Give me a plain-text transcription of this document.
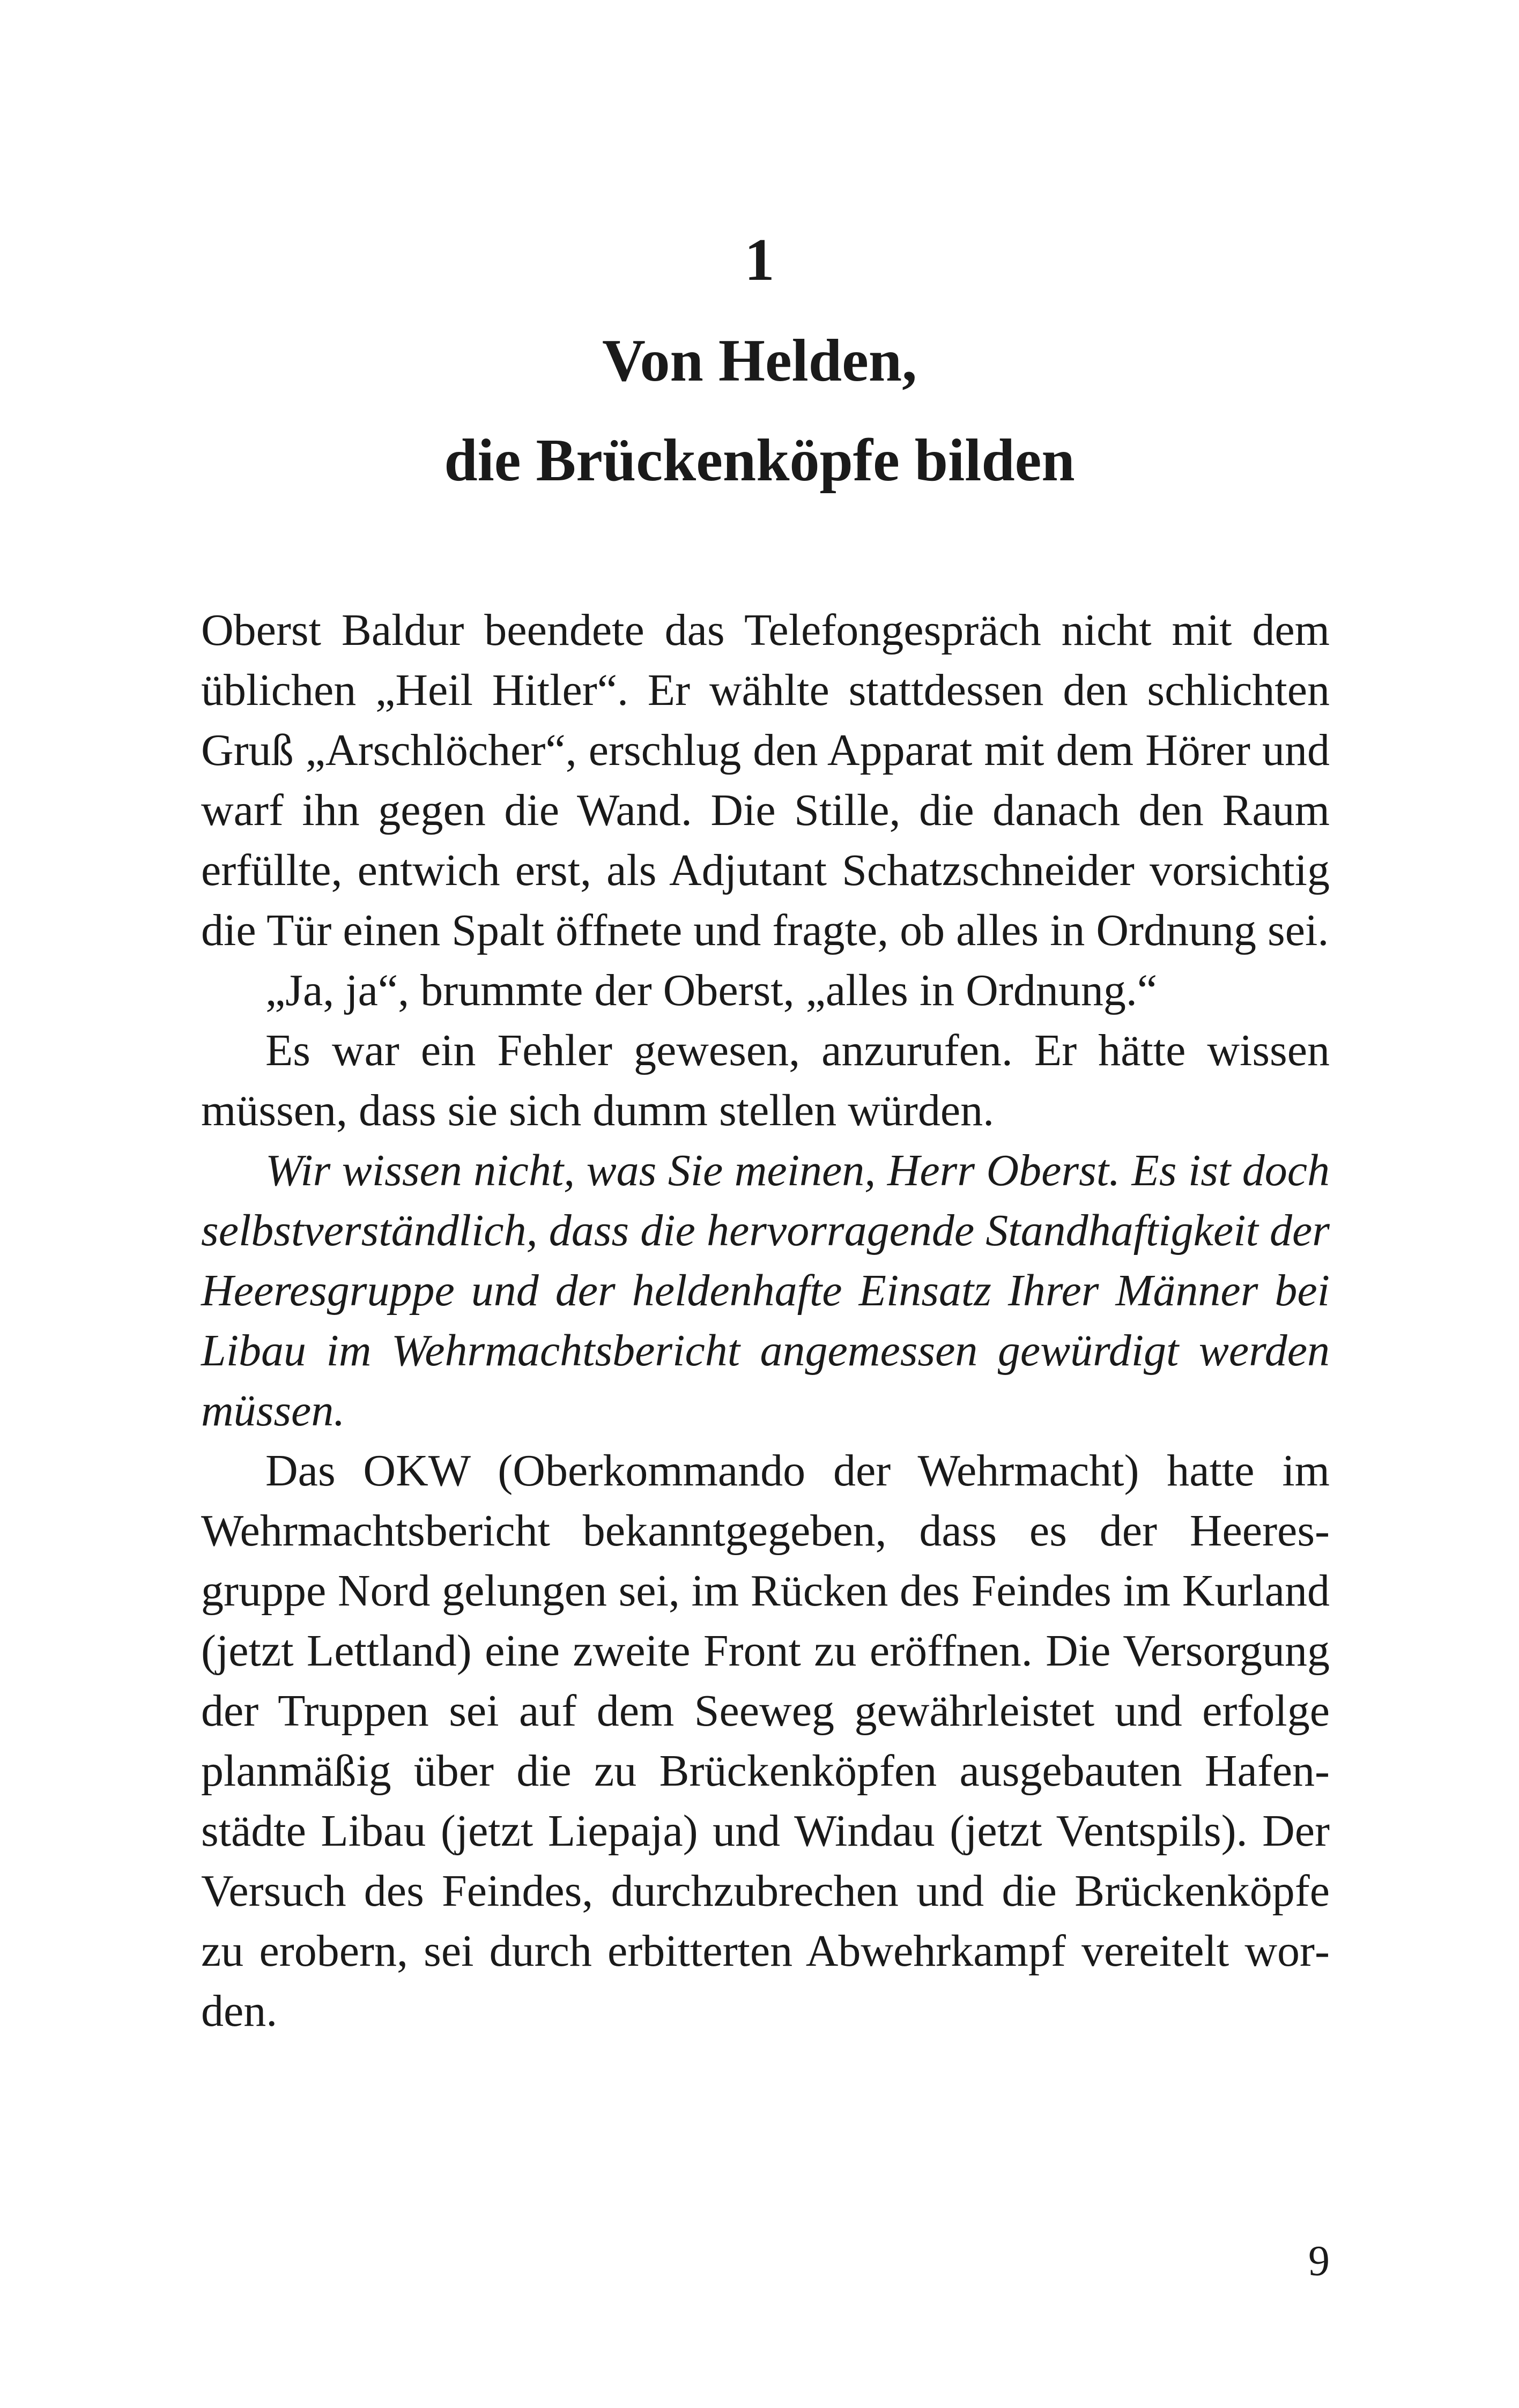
1
Von Helden,
die Brückenköpfe bilden

Oberst Baldur beendete das Telefongespräch nicht mit dem üblichen „Heil Hitler“. Er wählte stattdessen den schlichten Gruß „Arschlöcher“, erschlug den Apparat mit dem Hörer und warf ihn gegen die Wand. Die Stille, die danach den Raum erfüllte, entwich erst, als Adjutant Schatzschneider vorsichtig die Tür einen Spalt öffnete und fragte, ob alles in Ordnung sei.

„Ja, ja“, brummte der Oberst, „alles in Ordnung.“

Es war ein Fehler gewesen, anzurufen. Er hätte wissen müssen, dass sie sich dumm stellen würden.

Wir wissen nicht, was Sie meinen, Herr Oberst. Es ist doch selbstverständlich, dass die hervorragende Standhaftigkeit der Heeresgruppe und der heldenhafte Einsatz Ihrer Männer bei Libau im Wehrmachtsbericht angemessen gewürdigt werden müssen.

Das OKW (Oberkommando der Wehrmacht) hatte im Wehrmachtsbericht bekanntgegeben, dass es der Heeresgruppe Nord gelungen sei, im Rücken des Feindes im Kurland (jetzt Lettland) eine zweite Front zu eröffnen. Die Versorgung der Truppen sei auf dem Seeweg gewährleistet und erfolge planmäßig über die zu Brückenköpfen ausgebauten Hafenstädte Libau (jetzt Liepaja) und Windau (jetzt Ventspils). Der Versuch des Feindes, durchzubrechen und die Brückenköpfe zu erobern, sei durch erbitterten Abwehrkampf vereitelt worden.

9
